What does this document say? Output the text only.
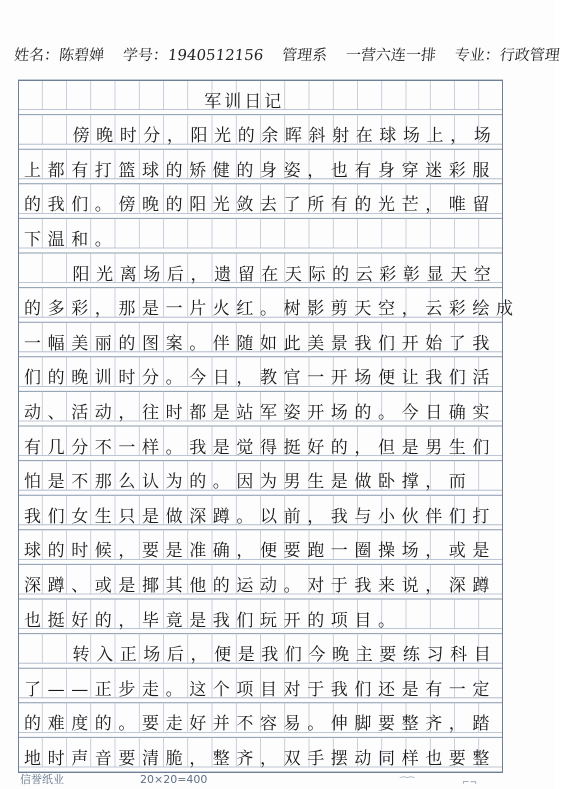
姓名：陈碧婵 学号：1940512156 管理系 一营六连一排 专业：行政管理
军训日记
傍晚时分，阳光的余晖斜射在球场上，场
上都有打篮球的矫健的身姿，也有身穿迷彩服
的我们。傍晚的阳光敛去了所有的光芒，唯留
下温和。
阳光离场后，遗留在天际的云彩彰显天空
的多彩，那是一片火红。树影剪天空，云彩绘成
一幅美丽的图案。伴随如此美景我们开始了我
们的晚训时分。今日，教官一开场便让我们活
动、活动，往时都是站军姿开场的。今日确实
有几分不一样。我是觉得挺好的，但是男生们
怕是不那么认为的。因为男生是做卧撑，而
我们女生只是做深蹲。以前，我与小伙伴们打
球的时候，要是准确，便要跑一圈操场，或是
深蹲、或是揶其他的运动。对于我来说，深蹲
也挺好的，毕竟是我们玩开的项目。
转入正场后，便是我们今晚主要练习科目
了——正步走。这个项目对于我们还是有一定
的难度的。要走好并不容易。伸脚要整齐，踏
地时声音要清脆，整齐，双手摆动同样也要整
信誉纸业	20×20=400	⁀⁀	⌐¬
